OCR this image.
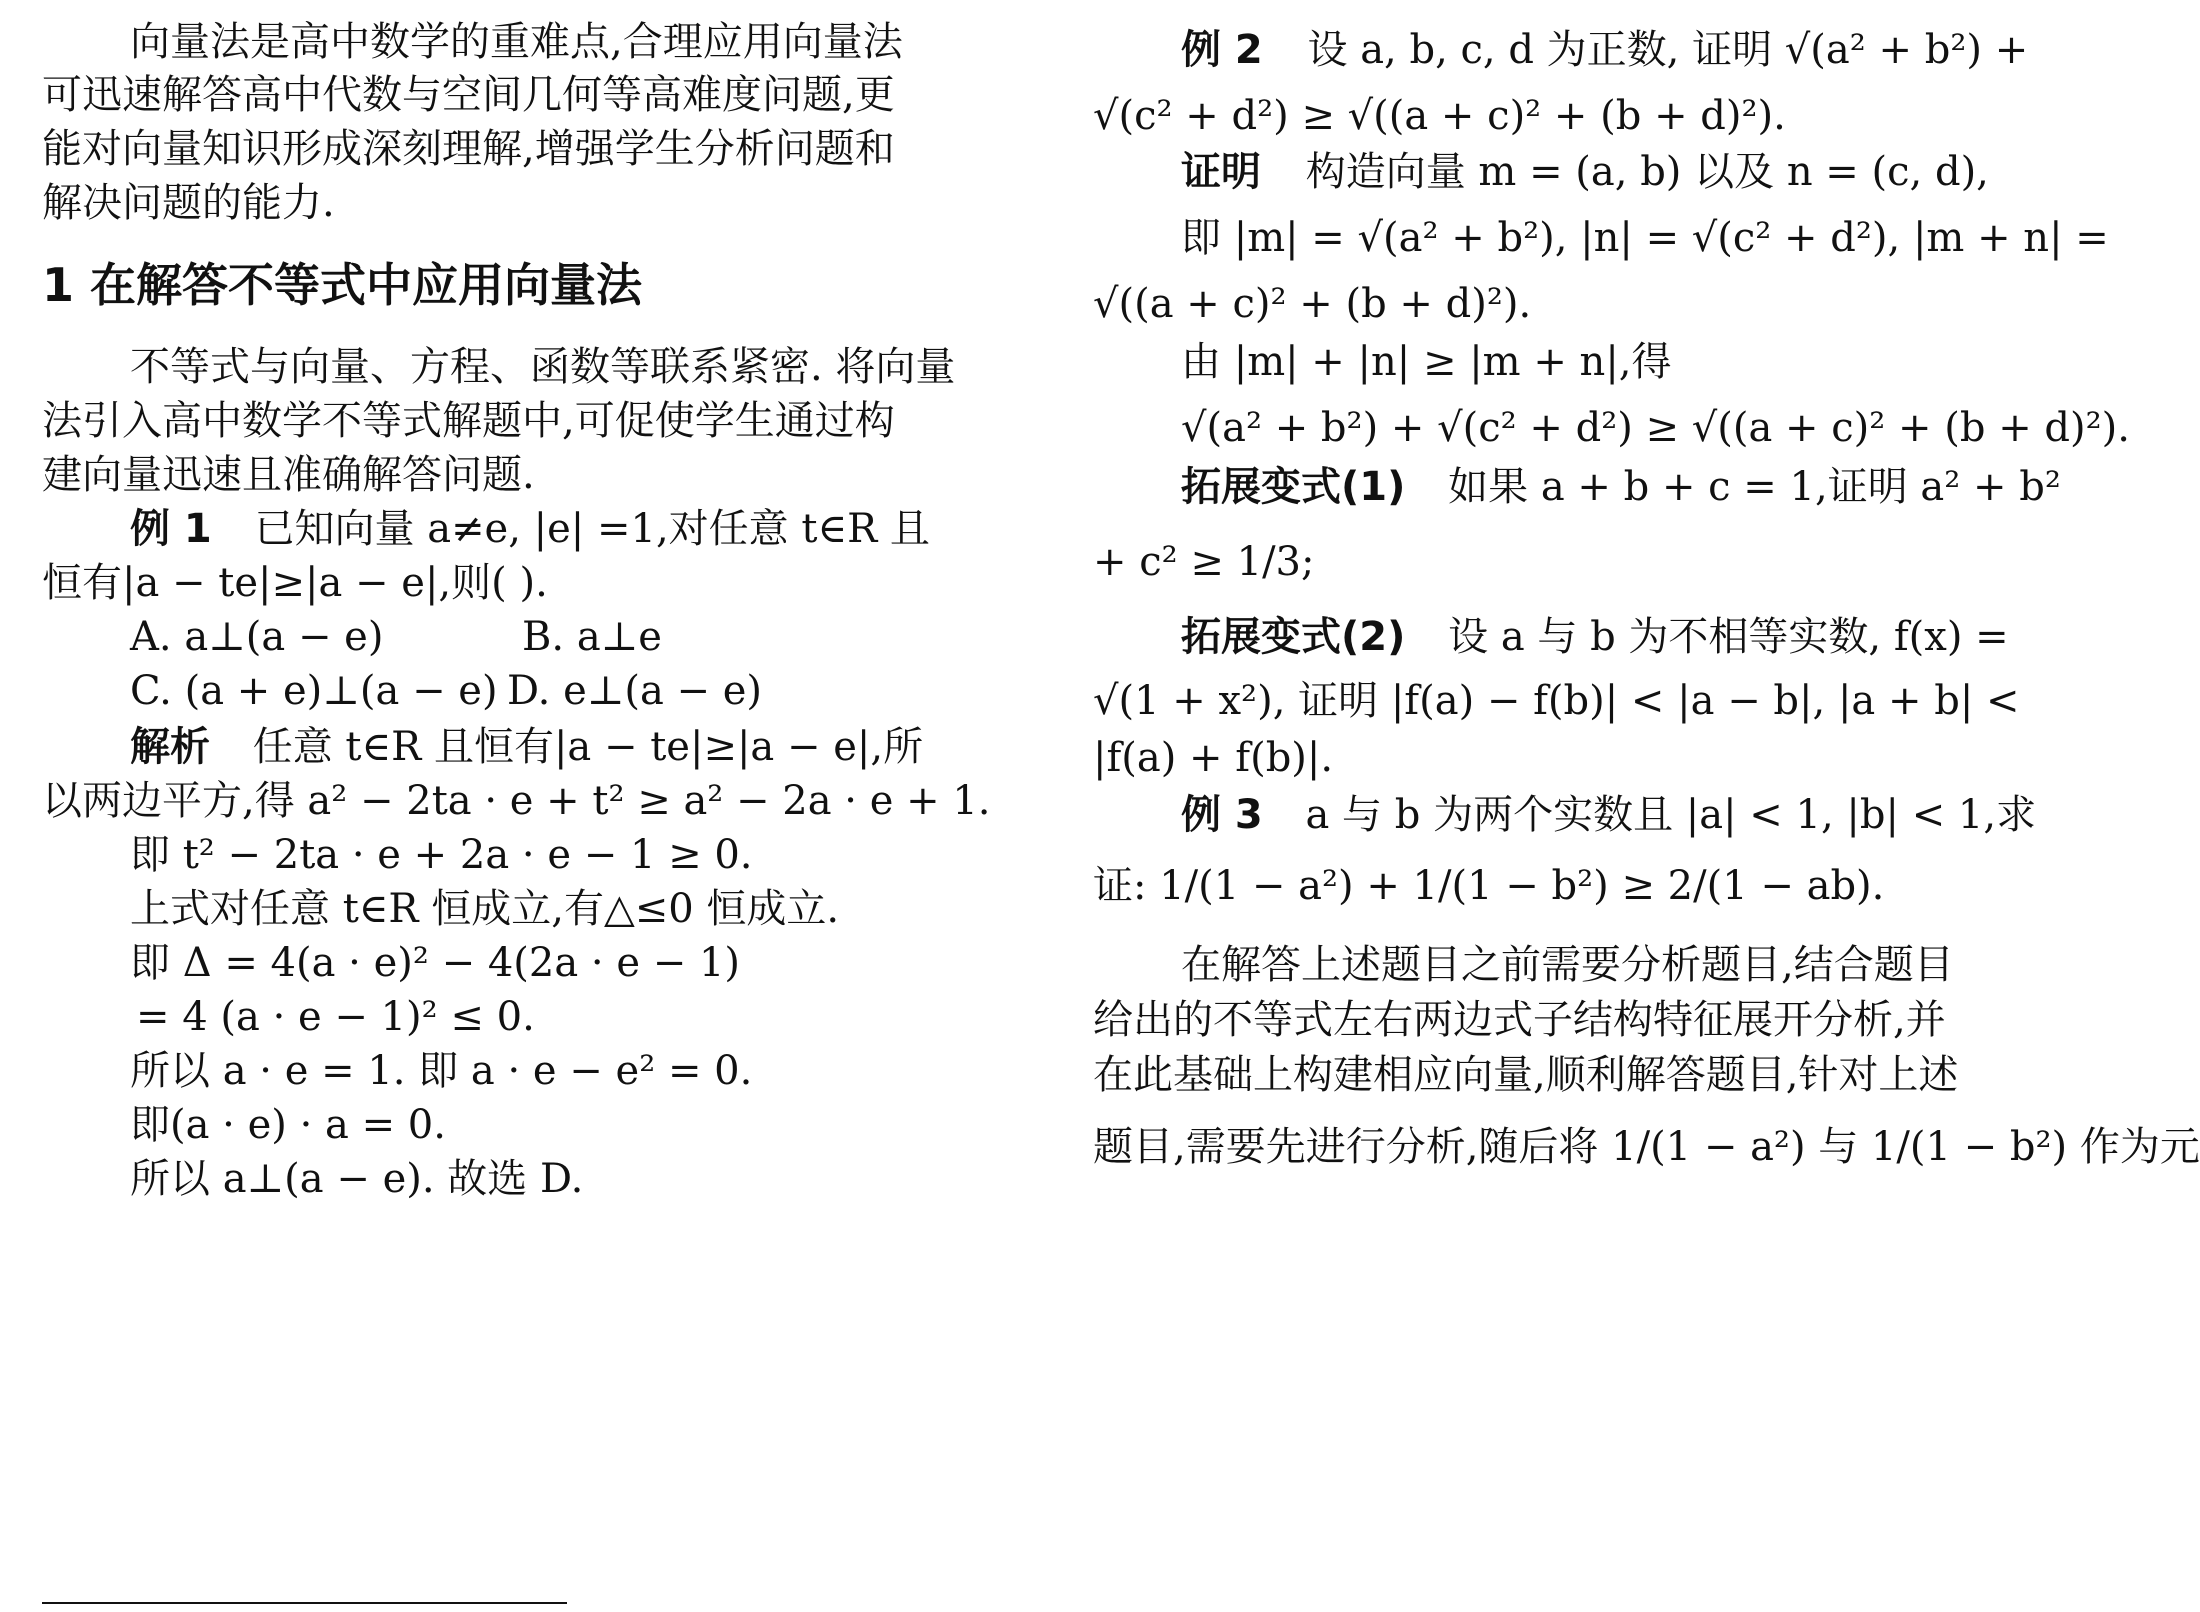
向量法是高中数学的重难点,合理应用向量法
可迅速解答高中代数与空间几何等高难度问题,更
能对向量知识形成深刻理解,增强学生分析问题和
解决问题的能力.
1 在解答不等式中应用向量法
不等式与向量、方程、函数等联系紧密. 将向量
法引入高中数学不等式解题中,可促使学生通过构
建向量迅速且准确解答问题.
例 1 已知向量 a≠e, |e| =1,对任意 t∈R 且
恒有|a − te|≥|a − e|,则( ).
A. a⊥(a − e)	B. a⊥e
C. (a + e)⊥(a − e) D. e⊥(a − e)
解析 任意 t∈R 且恒有|a − te|≥|a − e|,所
以两边平方,得 a² − 2ta · e + t² ≥ a² − 2a · e + 1.
即 t² − 2ta · e + 2a · e − 1 ≥ 0.
上式对任意 t∈R 恒成立,有△≤0 恒成立.
即 Δ = 4(a · e)² − 4(2a · e − 1)
= 4 (a · e − 1)² ≤ 0.
所以 a · e = 1. 即 a · e − e² = 0.
即(a · e) · a = 0.
所以 a⊥(a − e). 故选 D.
例 2 设 a, b, c, d 为正数, 证明 √(a² + b²) +
√(c² + d²) ≥ √((a + c)² + (b + d)²).
证明 构造向量 m = (a, b) 以及 n = (c, d),
即 |m| = √(a² + b²), |n| = √(c² + d²), |m + n| =
√((a + c)² + (b + d)²).
由 |m| + |n| ≥ |m + n|,得
√(a² + b²) + √(c² + d²) ≥ √((a + c)² + (b + d)²).
拓展变式(1) 如果 a + b + c = 1,证明 a² + b²
+ c² ≥ 1/3;
拓展变式(2) 设 a 与 b 为不相等实数, f(x) =
√(1 + x²), 证明 |f(a) − f(b)| < |a − b|, |a + b| <
|f(a) + f(b)|.
例 3 a 与 b 为两个实数且 |a| < 1, |b| < 1,求
证: 1/(1 − a²) + 1/(1 − b²) ≥ 2/(1 − ab).
在解答上述题目之前需要分析题目,结合题目
给出的不等式左右两边式子结构特征展开分析,并
在此基础上构建相应向量,顺利解答题目,针对上述
题目,需要先进行分析,随后将 1/(1 − a²) 与 1/(1 − b²) 作为元
